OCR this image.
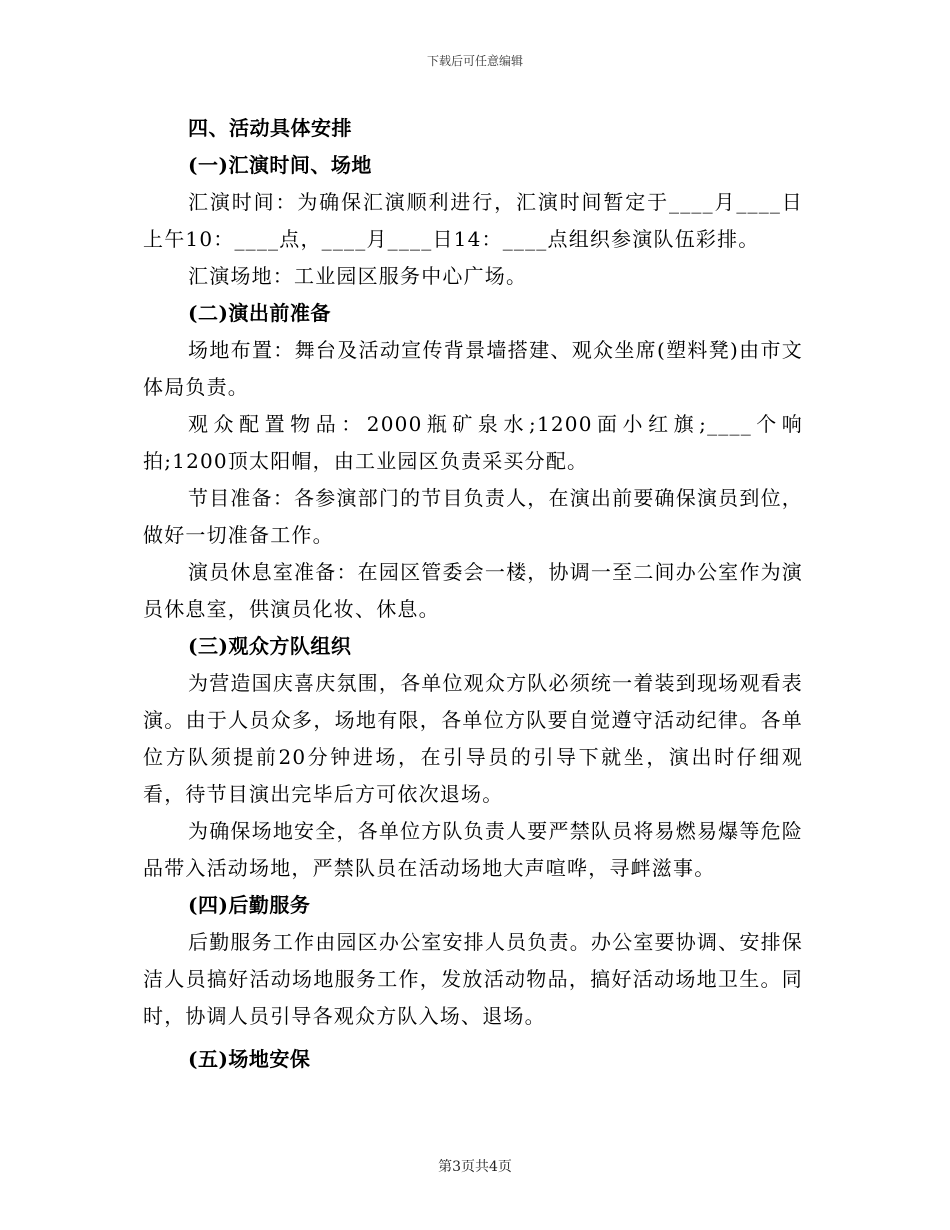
下载后可任意编辑

四、活动具体安排

(一)汇演时间、场地

汇演时间：为确保汇演顺利进行，汇演时间暂定于____月____日上午10：____点，____月____日14：____点组织参演队伍彩排。

汇演场地：工业园区服务中心广场。

(二)演出前准备

场地布置：舞台及活动宣传背景墙搭建、观众坐席(塑料凳)由市文体局负责。

观众配置物品：2000瓶矿泉水;1200面小红旗;____个响拍;1200顶太阳帽，由工业园区负责采买分配。

节目准备：各参演部门的节目负责人，在演出前要确保演员到位，做好一切准备工作。

演员休息室准备：在园区管委会一楼，协调一至二间办公室作为演员休息室，供演员化妆、休息。

(三)观众方队组织

为营造国庆喜庆氛围，各单位观众方队必须统一着装到现场观看表演。由于人员众多，场地有限，各单位方队要自觉遵守活动纪律。各单位方队须提前20分钟进场，在引导员的引导下就坐，演出时仔细观看，待节目演出完毕后方可依次退场。

为确保场地安全，各单位方队负责人要严禁队员将易燃易爆等危险品带入活动场地，严禁队员在活动场地大声喧哗，寻衅滋事。

(四)后勤服务

后勤服务工作由园区办公室安排人员负责。办公室要协调、安排保洁人员搞好活动场地服务工作，发放活动物品，搞好活动场地卫生。同时，协调人员引导各观众方队入场、退场。

(五)场地安保

第3页共4页
